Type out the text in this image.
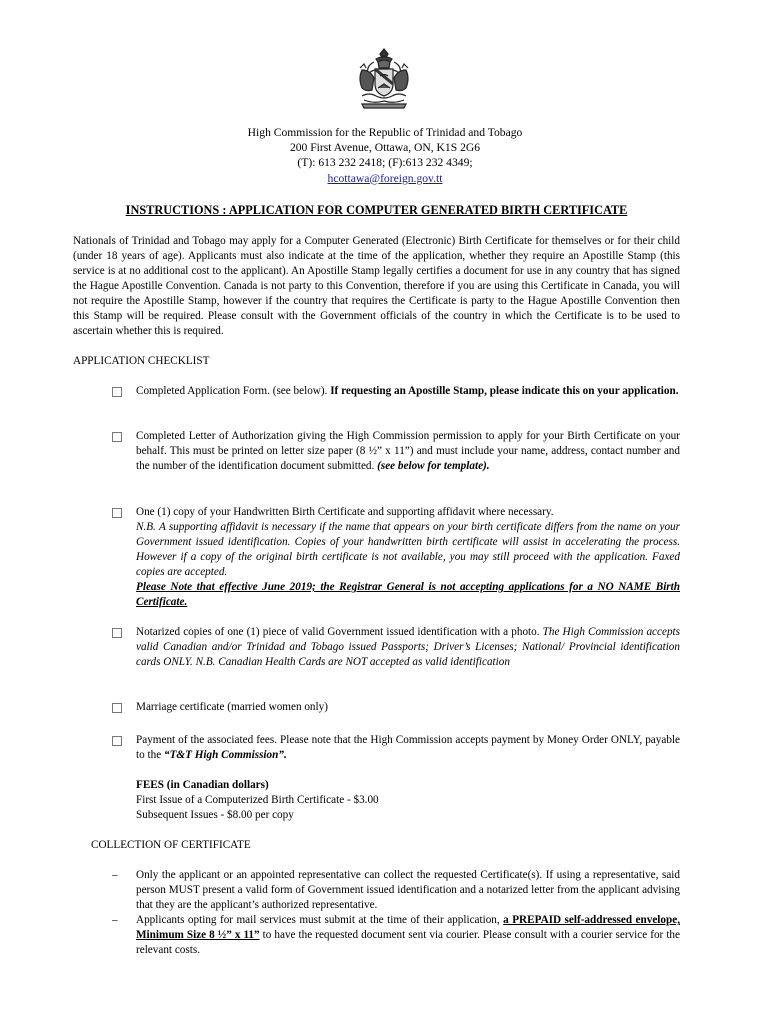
High Commission for the Republic of Trinidad and Tobago
200 First Avenue, Ottawa, ON, K1S 2G6
(T): 613 232 2418; (F):613 232 4349;
hcottawa@foreign.gov.tt
INSTRUCTIONS : APPLICATION FOR COMPUTER GENERATED BIRTH CERTIFICATE
Nationals of Trinidad and Tobago may apply for a Computer Generated (Electronic) Birth Certificate for themselves or for their child (under 18 years of age). Applicants must also indicate at the time of the application, whether they require an Apostille Stamp (this service is at no additional cost to the applicant). An Apostille Stamp legally certifies a document for use in any country that has signed the Hague Apostille Convention. Canada is not party to this Convention, therefore if you are using this Certificate in Canada, you will not require the Apostille Stamp, however if the country that requires the Certificate is party to the Hague Apostille Convention then this Stamp will be required. Please consult with the Government officials of the country in which the Certificate is to be used to ascertain whether this is required.
APPLICATION CHECKLIST
Completed Application Form. (see below). If requesting an Apostille Stamp, please indicate this on your application.
Completed Letter of Authorization giving the High Commission permission to apply for your Birth Certificate on your behalf. This must be printed on letter size paper (8 ½” x 11”) and must include your name, address, contact number and the number of the identification document submitted. (see below for template).
One (1) copy of your Handwritten Birth Certificate and supporting affidavit where necessary.
N.B. A supporting affidavit is necessary if the name that appears on your birth certificate differs from the name on your Government issued identification. Copies of your handwritten birth certificate will assist in accelerating the process. However if a copy of the original birth certificate is not available, you may still proceed with the application. Faxed copies are accepted.
Please Note that effective June 2019; the Registrar General is not accepting applications for a NO NAME Birth Certificate.
Notarized copies of one (1) piece of valid Government issued identification with a photo. The High Commission accepts valid Canadian and/or Trinidad and Tobago issued Passports; Driver’s Licenses; National/ Provincial identification cards ONLY. N.B. Canadian Health Cards are NOT accepted as valid identification
Marriage certificate (married women only)
Payment of the associated fees. Please note that the High Commission accepts payment by Money Order ONLY, payable to the “T&T High Commission”.
FEES (in Canadian dollars)
First Issue of a Computerized Birth Certificate - $3.00
Subsequent Issues - $8.00 per copy
COLLECTION OF CERTIFICATE
– Only the applicant or an appointed representative can collect the requested Certificate(s). If using a representative, said person MUST present a valid form of Government issued identification and a notarized letter from the applicant advising that they are the applicant’s authorized representative.
– Applicants opting for mail services must submit at the time of their application, a PREPAID self-addressed envelope, Minimum Size 8 ½” x 11” to have the requested document sent via courier. Please consult with a courier service for the relevant costs.
